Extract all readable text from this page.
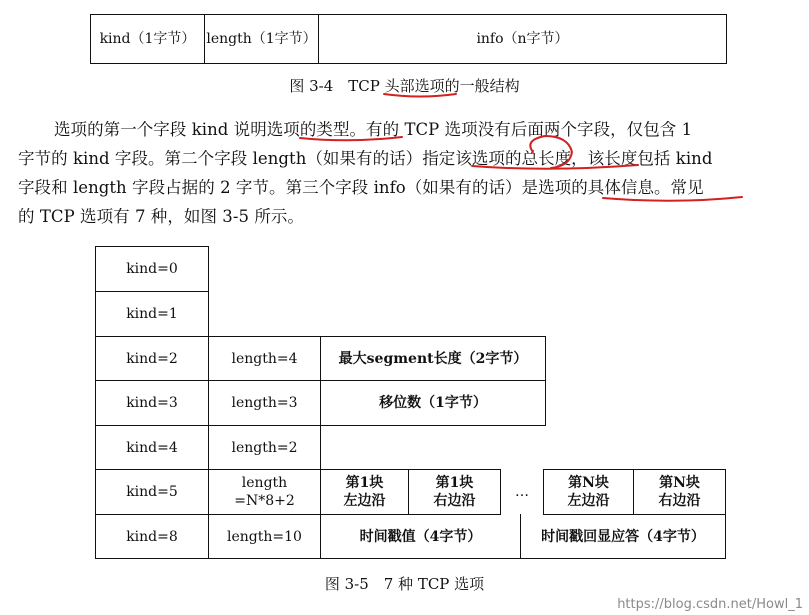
kind（1字节） length（1字节）	info（n字节）
图 3-4　TCP 头部选项的一般结构

选项的第一个字段 kind 说明选项的类型。有的 TCP 选项没有后面两个字段，仅包含 1

字节的 kind 字段。第二个字段 length（如果有的话）指定该选项的总长度，该长度包括 kind

字段和 length 字段占据的 2 字节。第三个字段 info（如果有的话）是选项的具体信息。常见

的 TCP 选项有 7 种，如图 3-5 所示。

kind=0
kind=1
kind=2
kind=3
kind=4
kind=5
kind=8
length=4
length=3
length=2
length
=N*8+2
length=10
最大segment长度（2字节）
移位数（1字节）
第1块
左边沿
第1块
右边沿
…
第N块
左边沿
第N块
右边沿
时间戳值（4字节）	时间戳回显应答（4字节）
图 3-5　7 种 TCP 选项
https://blog.csdn.net/Howl_1
